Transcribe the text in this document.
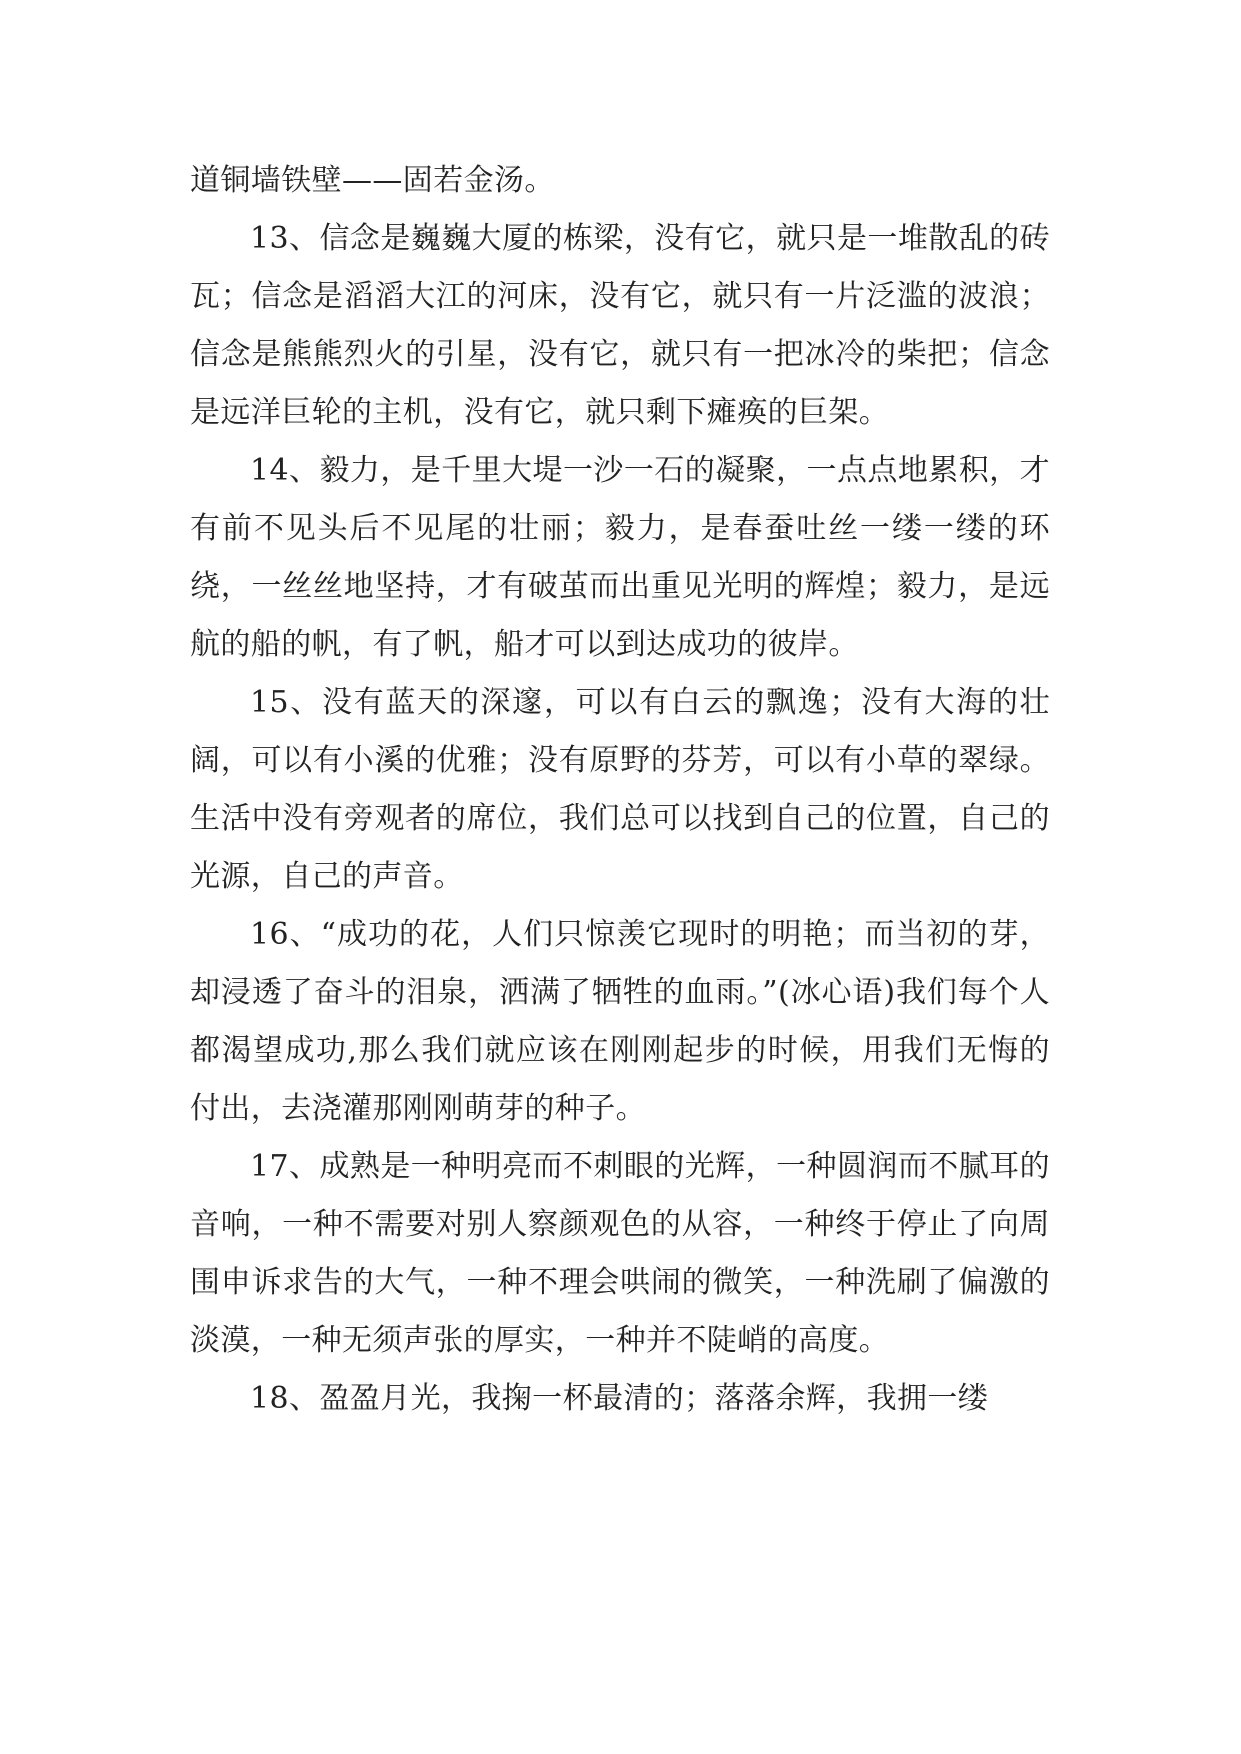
道铜墙铁壁——固若金汤。

13、信念是巍巍大厦的栋梁，没有它，就只是一堆散乱的砖瓦；信念是滔滔大江的河床，没有它，就只有一片泛滥的波浪；信念是熊熊烈火的引星，没有它，就只有一把冰冷的柴把；信念是远洋巨轮的主机，没有它，就只剩下瘫痪的巨架。

14、毅力，是千里大堤一沙一石的凝聚，一点点地累积，才有前不见头后不见尾的壮丽；毅力，是春蚕吐丝一缕一缕的环绕，一丝丝地坚持，才有破茧而出重见光明的辉煌；毅力，是远航的船的帆，有了帆，船才可以到达成功的彼岸。

15、没有蓝天的深邃，可以有白云的飘逸；没有大海的壮阔，可以有小溪的优雅；没有原野的芬芳，可以有小草的翠绿。生活中没有旁观者的席位，我们总可以找到自己的位置，自己的光源，自己的声音。

16、“成功的花，人们只惊羡它现时的明艳；而当初的芽，却浸透了奋斗的泪泉，洒满了牺牲的血雨。”(冰心语)我们每个人都渴望成功,那么我们就应该在刚刚起步的时候，用我们无悔的付出，去浇灌那刚刚萌芽的种子。

17、成熟是一种明亮而不刺眼的光辉，一种圆润而不腻耳的音响，一种不需要对别人察颜观色的从容，一种终于停止了向周围申诉求告的大气，一种不理会哄闹的微笑，一种洗刷了偏激的淡漠，一种无须声张的厚实，一种并不陡峭的高度。

18、盈盈月光，我掬一杯最清的；落落余辉，我拥一缕
